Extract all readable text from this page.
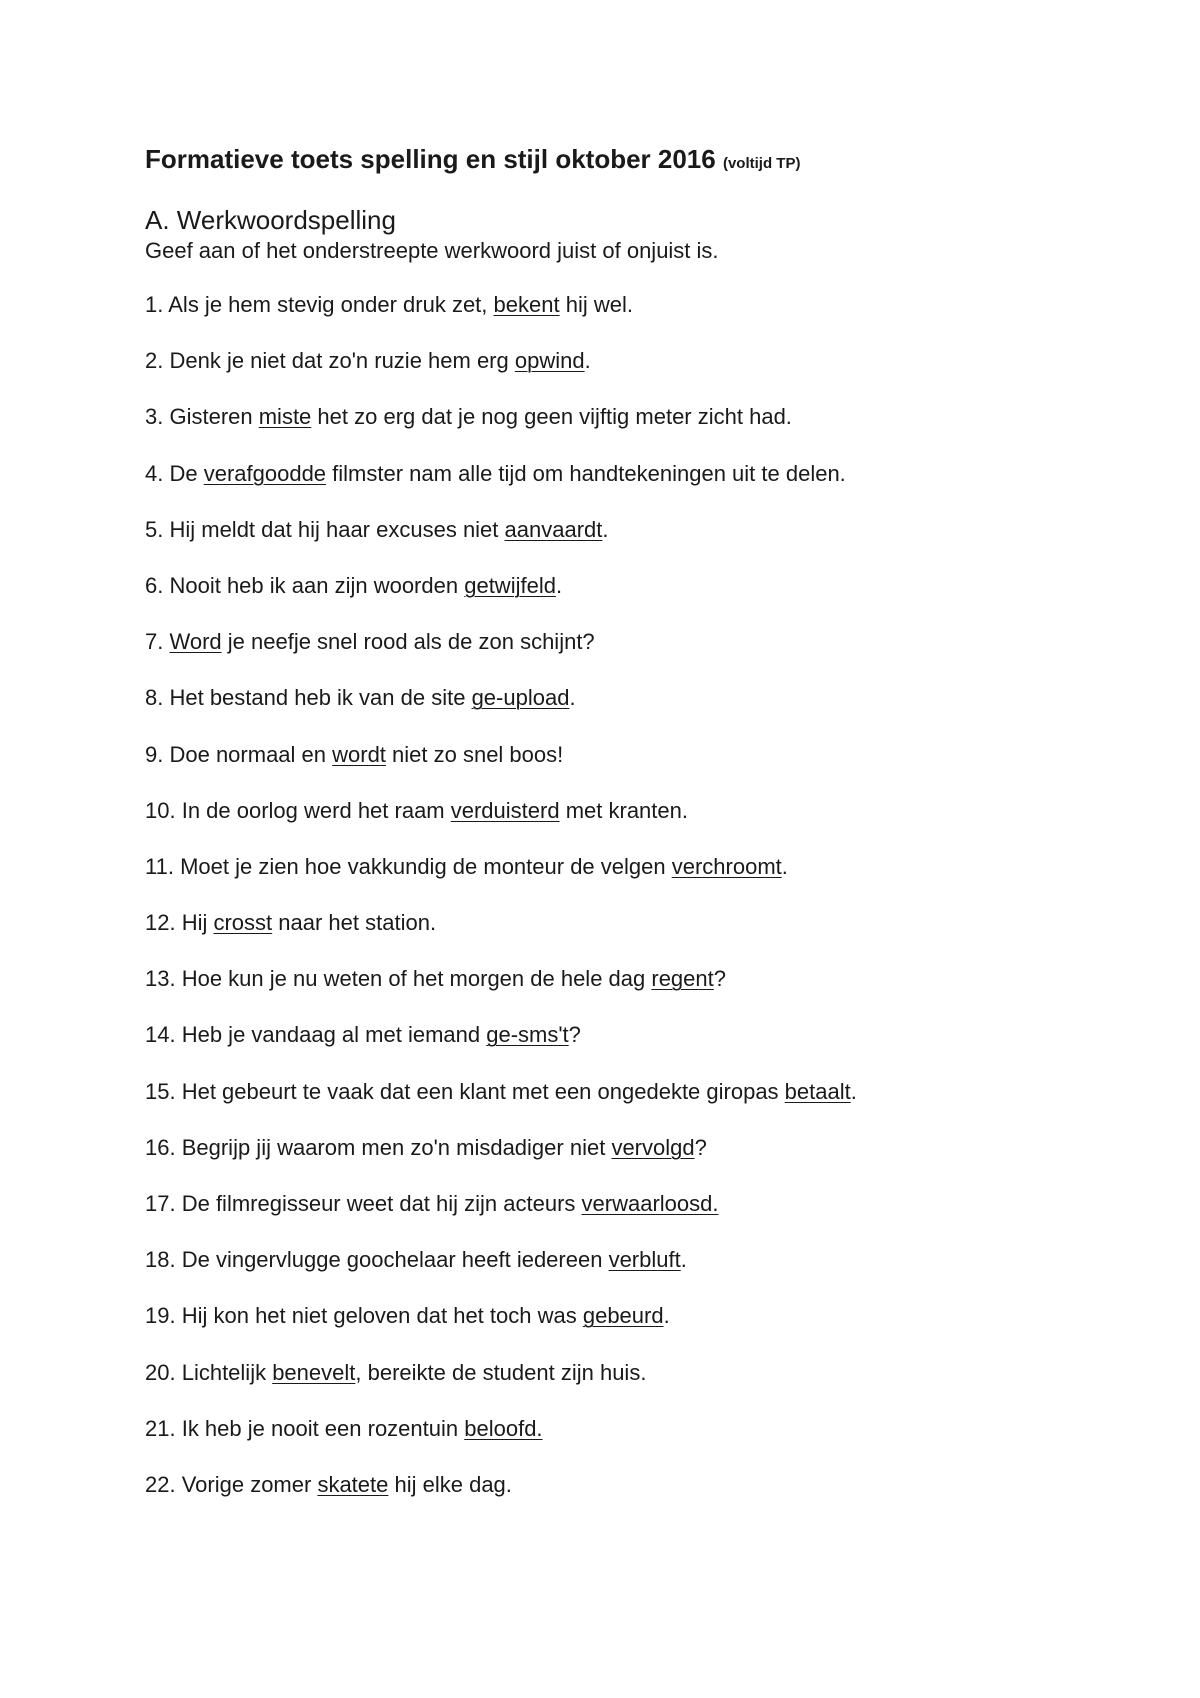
Formatieve toets spelling en stijl oktober 2016 (voltijd TP)
A. Werkwoordspelling

Geef aan of het onderstreepte werkwoord juist of onjuist is.

1. Als je hem stevig onder druk zet, bekent hij wel.
2. Denk je niet dat zo'n ruzie hem erg opwind.
3. Gisteren miste het zo erg dat je nog geen vijftig meter zicht had.
4. De verafgoodde filmster nam alle tijd om handtekeningen uit te delen.
5. Hij meldt dat hij haar excuses niet aanvaardt.
6. Nooit heb ik aan zijn woorden getwijfeld.
7. Word je neefje snel rood als de zon schijnt?
8. Het bestand heb ik van de site ge-upload.
9. Doe normaal en wordt niet zo snel boos!
10. In de oorlog werd het raam verduisterd met kranten.
11. Moet je zien hoe vakkundig de monteur de velgen verchroomt.
12. Hij crosst naar het station.
13. Hoe kun je nu weten of het morgen de hele dag regent?
14. Heb je vandaag al met iemand ge-sms't?
15. Het gebeurt te vaak dat een klant met een ongedekte giropas betaalt.
16. Begrijp jij waarom men zo'n misdadiger niet vervolgd?
17. De filmregisseur weet dat hij zijn acteurs verwaarloosd.
18. De vingervlugge goochelaar heeft iedereen verbluft.
19. Hij kon het niet geloven dat het toch was gebeurd.
20. Lichtelijk benevelt, bereikte de student zijn huis.
21. Ik heb je nooit een rozentuin beloofd.
22. Vorige zomer skatete hij elke dag.
